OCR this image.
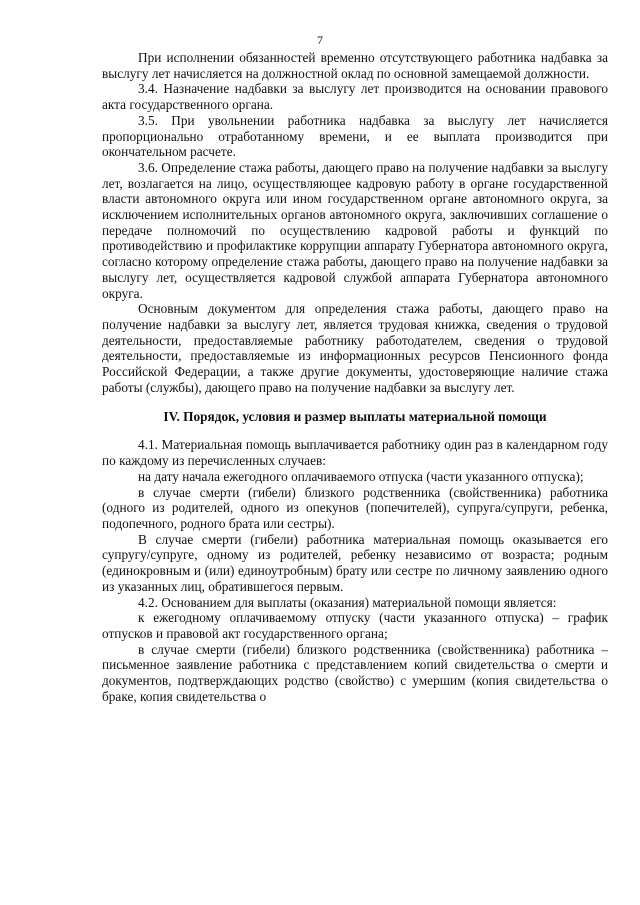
7

При исполнении обязанностей временно отсутствующего работника надбавка за выслугу лет начисляется на должностной оклад по основной замещаемой должности.

3.4. Назначение надбавки за выслугу лет производится на основании правового акта государственного органа.

3.5. При увольнении работника надбавка за выслугу лет начисляется пропорционально отработанному времени, и ее выплата производится при окончательном расчете.

3.6. Определение стажа работы, дающего право на получение надбавки за выслугу лет, возлагается на лицо, осуществляющее кадровую работу в органе государственной власти автономного округа или ином государственном органе автономного округа, за исключением исполнительных органов автономного округа, заключивших соглашение о передаче полномочий по осуществлению кадровой работы и функций по противодействию и профилактике коррупции аппарату Губернатора автономного округа, согласно которому определение стажа работы, дающего право на получение надбавки за выслугу лет, осуществляется кадровой службой аппарата Губернатора автономного округа.

Основным документом для определения стажа работы, дающего право на получение надбавки за выслугу лет, является трудовая книжка, сведения о трудовой деятельности, предоставляемые работнику работодателем, сведения о трудовой деятельности, предоставляемые из информационных ресурсов Пенсионного фонда Российской Федерации, а также другие документы, удостоверяющие наличие стажа работы (службы), дающего право на получение надбавки за выслугу лет.

IV. Порядок, условия и размер выплаты материальной помощи

4.1. Материальная помощь выплачивается работнику один раз в календарном году по каждому из перечисленных случаев:

на дату начала ежегодного оплачиваемого отпуска (части указанного отпуска);

в случае смерти (гибели) близкого родственника (свойственника) работника (одного из родителей, одного из опекунов (попечителей), супруга/супруги, ребенка, подопечного, родного брата или сестры).

В случае смерти (гибели) работника материальная помощь оказывается его супругу/супруге, одному из родителей, ребенку независимо от возраста; родным (единокровным и (или) единоутробным) брату или сестре по личному заявлению одного из указанных лиц, обратившегося первым.

4.2. Основанием для выплаты (оказания) материальной помощи является:

к ежегодному оплачиваемому отпуску (части указанного отпуска) – график отпусков и правовой акт государственного органа;

в случае смерти (гибели) близкого родственника (свойственника) работника – письменное заявление работника с представлением копий свидетельства о смерти и документов, подтверждающих родство (свойство) с умершим (копия свидетельства о браке, копия свидетельства о
